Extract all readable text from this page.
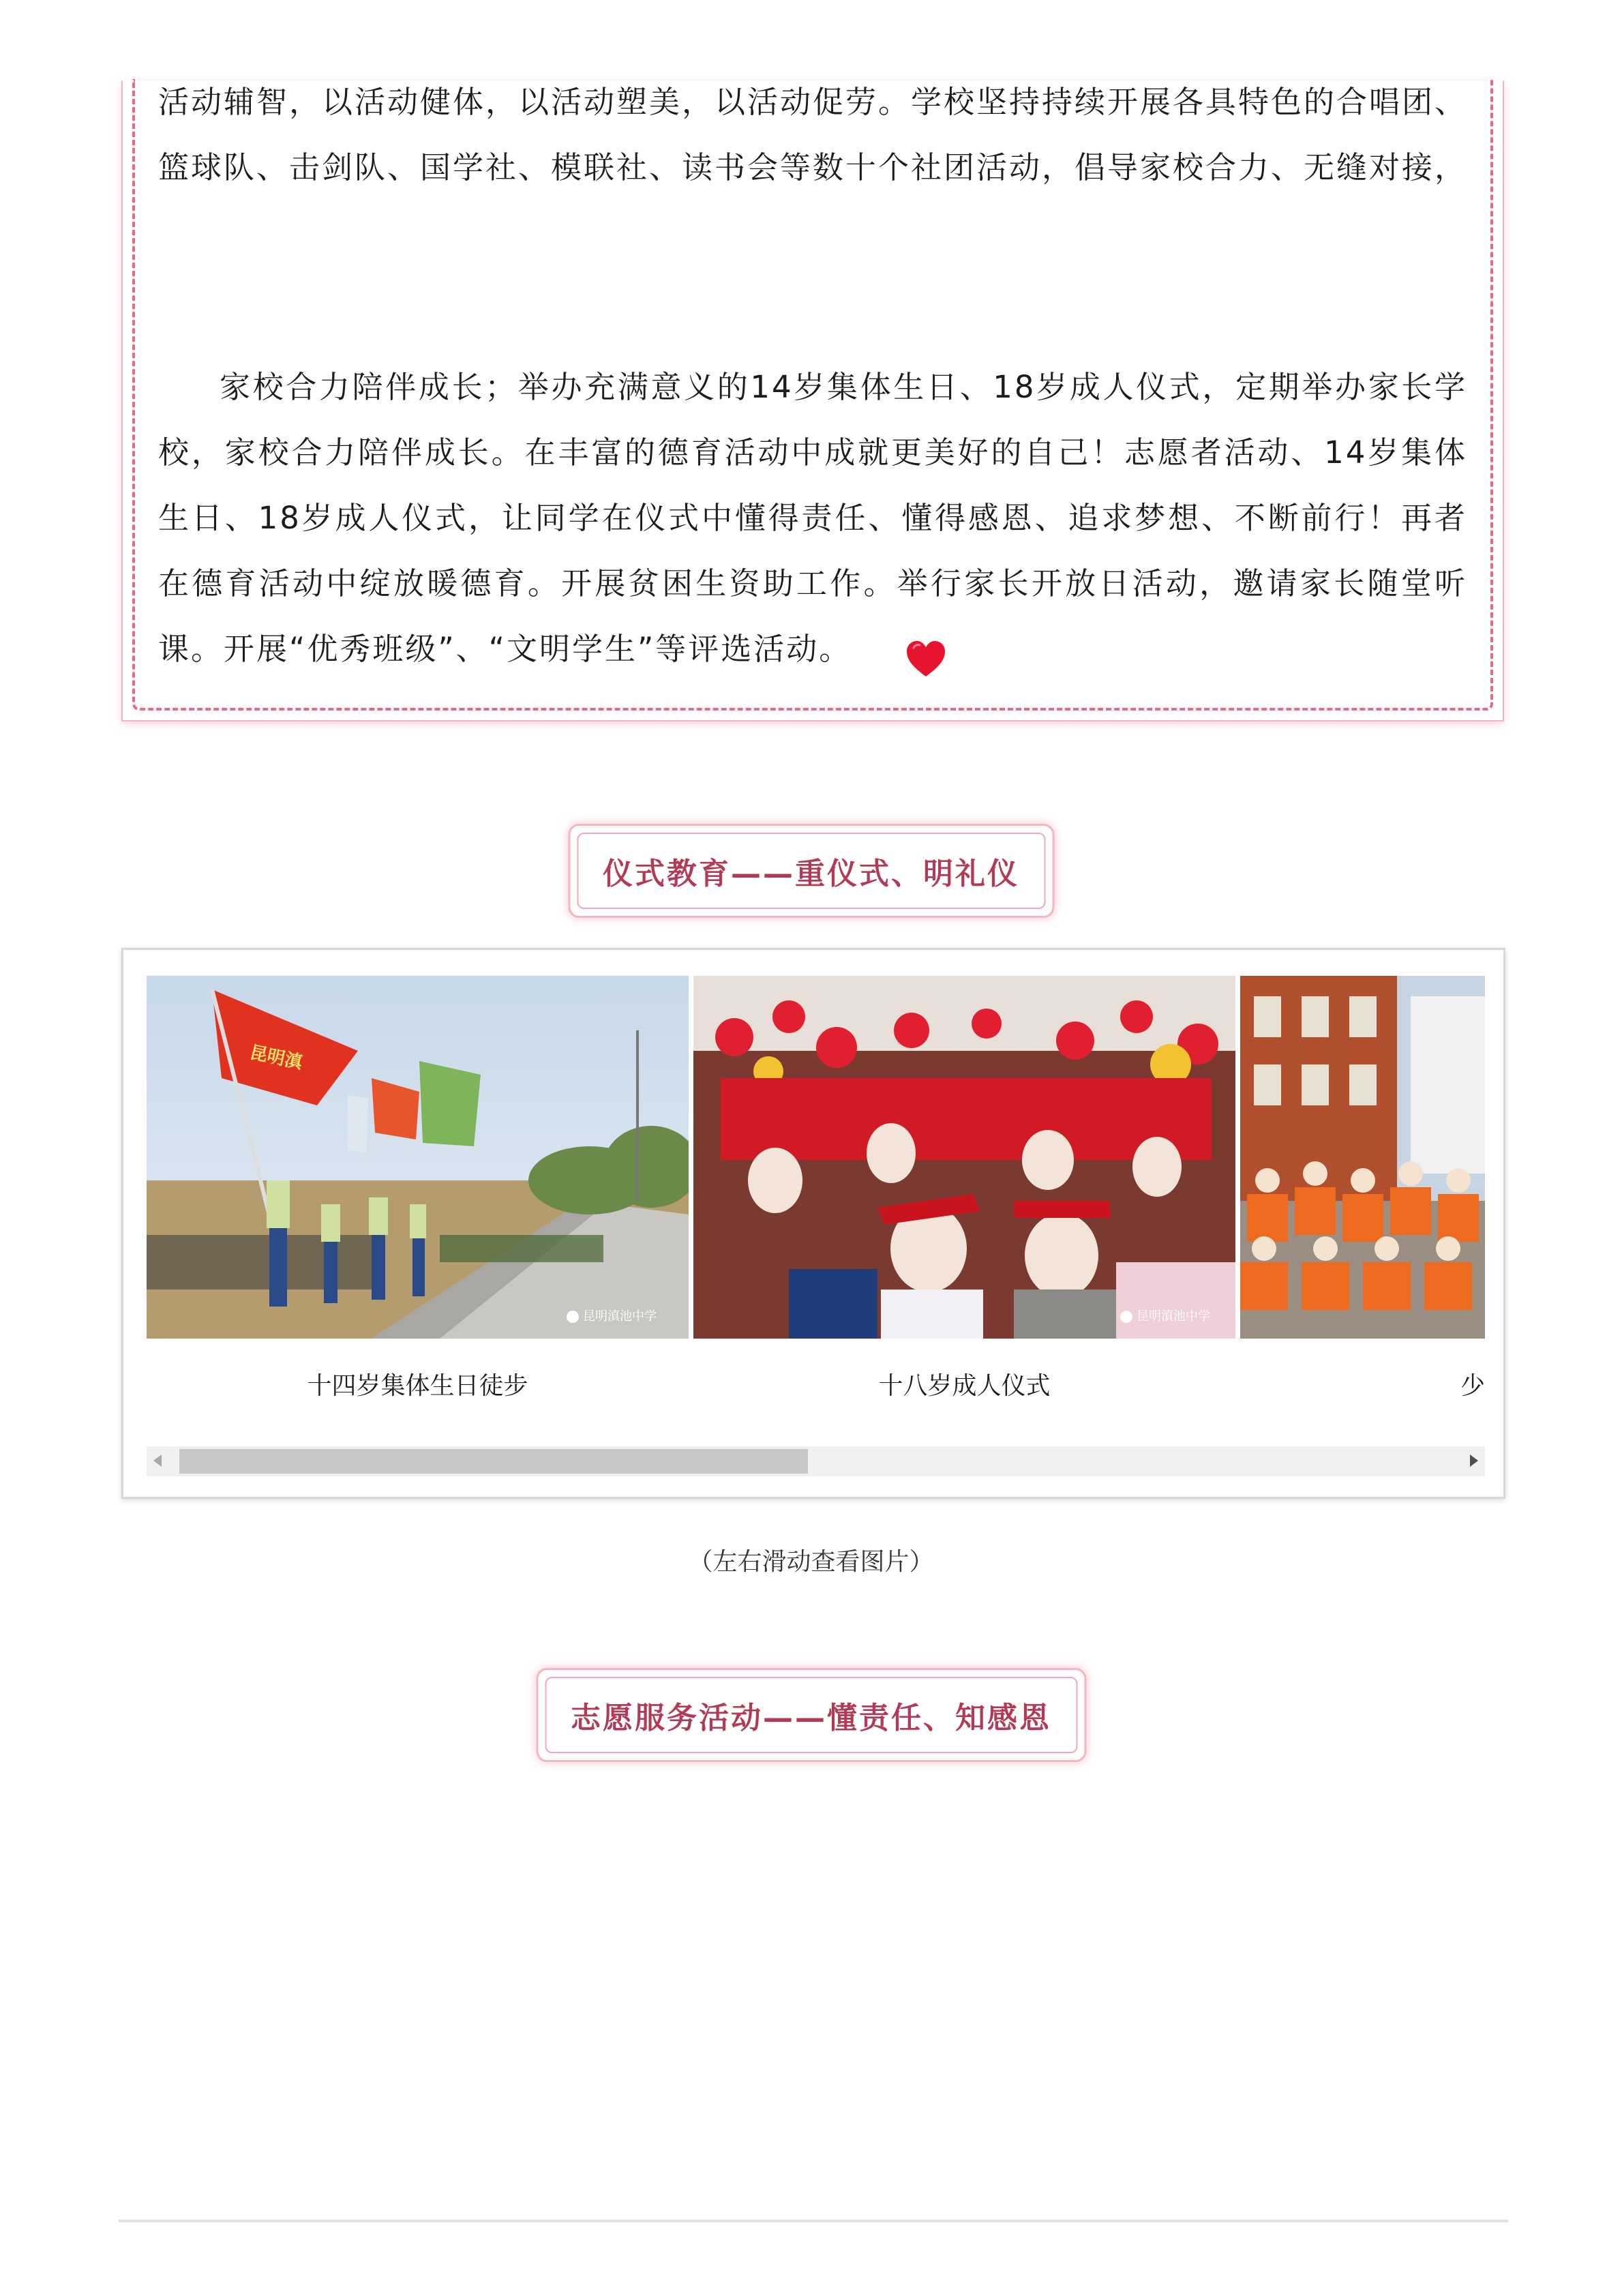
活动辅智，以活动健体，以活动塑美，以活动促劳。学校坚持持续开展各具特色的合唱团、篮球队、击剑队、国学社、模联社、读书会等数十个社团活动，倡导家校合力、无缝对接，

家校合力陪伴成长；举办充满意义的14岁集体生日、18岁成人仪式，定期举办家长学校，家校合力陪伴成长。在丰富的德育活动中成就更美好的自己！志愿者活动、14岁集体生日、18岁成人仪式，让同学在仪式中懂得责任、懂得感恩、追求梦想、不断前行！再者在德育活动中绽放暖德育。开展贫困生资助工作。举行家长开放日活动，邀请家长随堂听课。开展“优秀班级”、“文明学生”等评选活动。

仪式教育——重仪式、明礼仪
昆明滇
昆明滇池中学	昆明滇池中学
十四岁集体生日徒步	十八岁成人仪式	少
（左右滑动查看图片）
志愿服务活动——懂责任、知感恩
